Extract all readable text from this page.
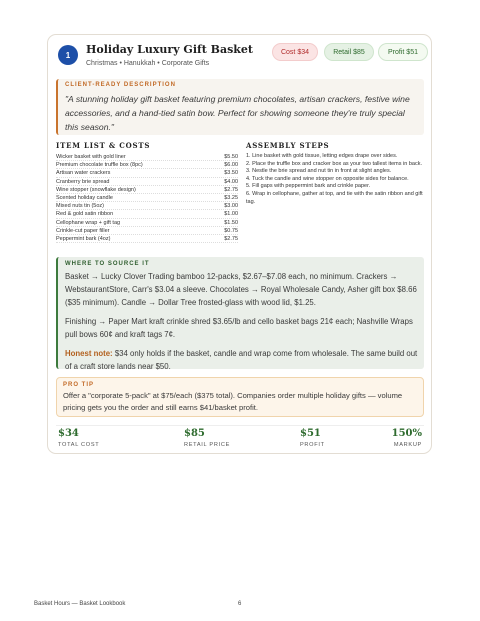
1	Holiday Luxury Gift Basket
Christmas • Hanukkah • Corporate Gifts
Cost $34	Retail $85	Profit $51
CLIENT-READY DESCRIPTION
"A stunning holiday gift basket featuring premium chocolates, artisan crackers, festive wine accessories, and a hand-tied satin bow. Perfect for showing someone they're truly special this season."
ITEM LIST & COSTS	ASSEMBLY STEPS
Wicker basket with gold liner	$5.50
Premium chocolate truffle box (8pc)	$6.00
Artisan water crackers	$3.50
Cranberry brie spread	$4.00
Wine stopper (snowflake design)	$2.75
Scented holiday candle	$3.25
Mixed nuts tin (5oz)	$3.00
Red & gold satin ribbon	$1.00
Cellophane wrap + gift tag	$1.50
Crinkle-cut paper filler	$0.75
Peppermint bark (4oz)	$2.75
1. Line basket with gold tissue, letting edges drape over sides.
2. Place the truffle box and cracker box as your two tallest items in back.
3. Nestle the brie spread and nut tin in front at slight angles.
4. Tuck the candle and wine stopper on opposite sides for balance.
5. Fill gaps with peppermint bark and crinkle paper.
6. Wrap in cellophane, gather at top, and tie with the satin ribbon and gift tag.
WHERE TO SOURCE IT

Basket → Lucky Clover Trading bamboo 12-packs, $2.67–$7.08 each, no minimum. Crackers → WebstaurantStore, Carr's $3.04 a sleeve. Chocolates → Royal Wholesale Candy, Asher gift box $8.66 ($35 minimum). Candle → Dollar Tree frosted-glass with wood lid, $1.25.

Finishing → Paper Mart kraft crinkle shred $3.65/lb and cello basket bags 21¢ each; Nashville Wraps pull bows 60¢ and kraft tags 7¢.

Honest note: $34 only holds if the basket, candle and wrap come from wholesale. The same build out of a craft store lands near $50.

PRO TIP
Offer a "corporate 5-pack" at $75/each ($375 total). Companies order multiple holiday gifts — volume pricing gets you the order and still earns $41/basket profit.
$34
TOTAL COST
$85
RETAIL PRICE
$51
PROFIT
150%
MARKUP
Basket Hours — Basket Lookbook	6
